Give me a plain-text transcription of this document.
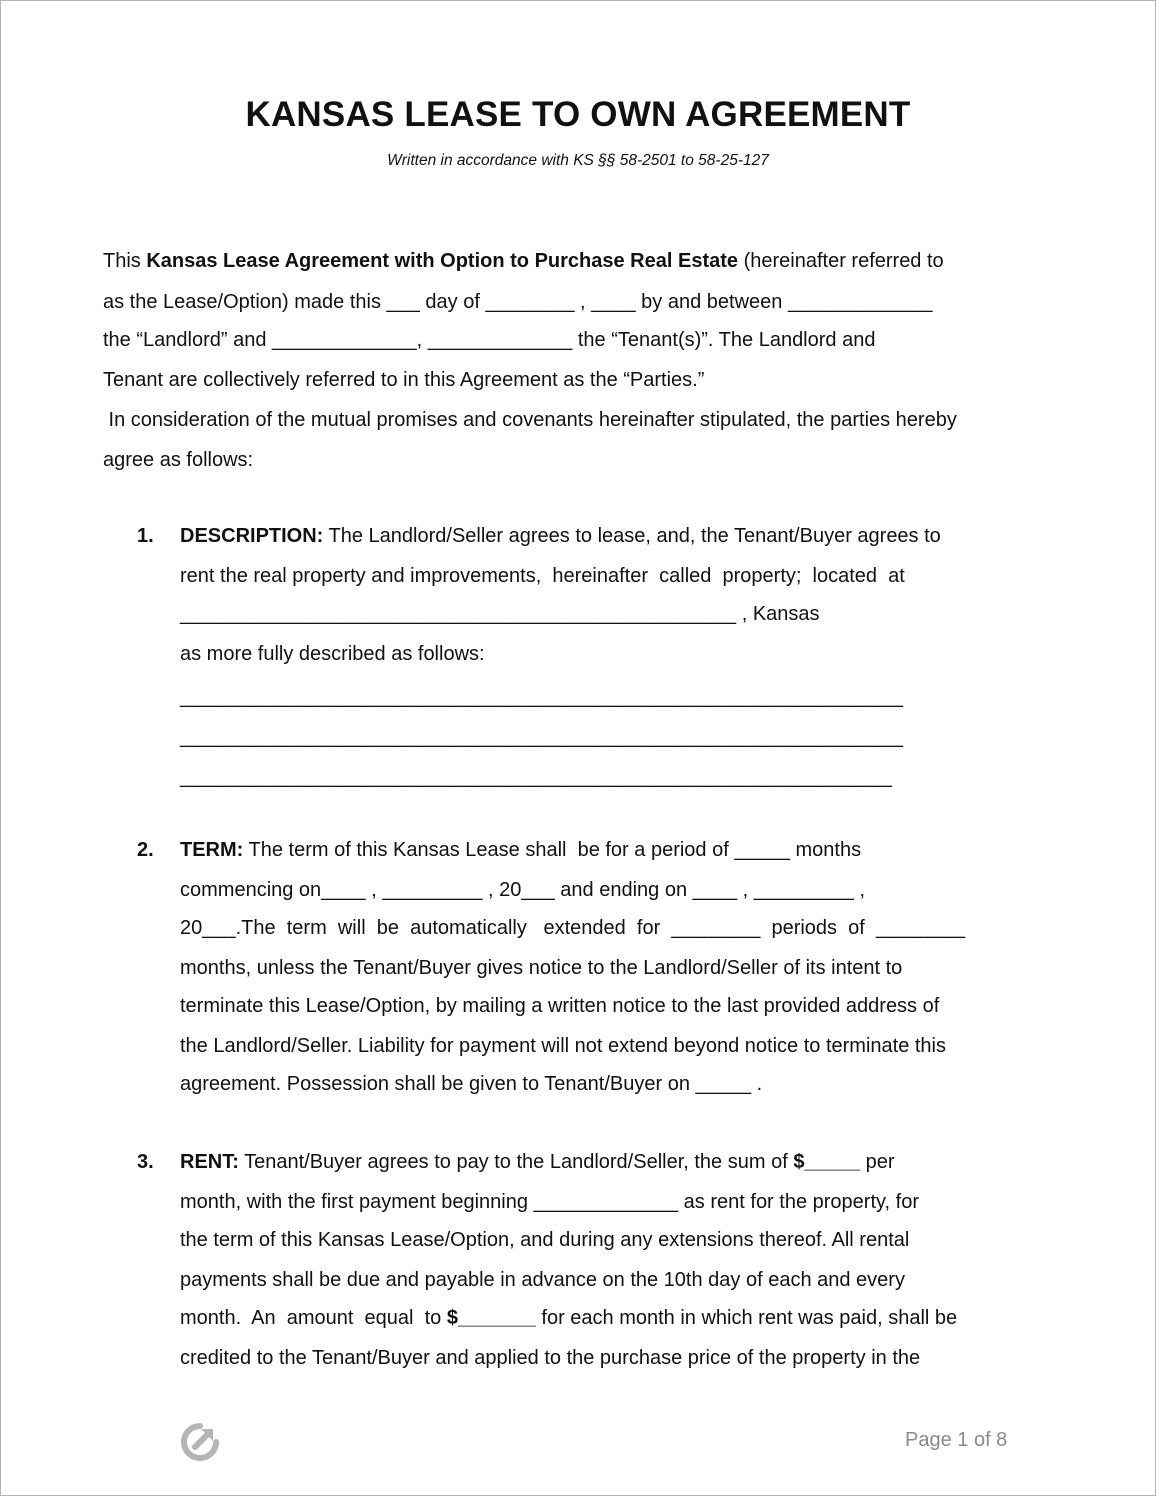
KANSAS LEASE TO OWN AGREEMENT
Written in accordance with KS §§ 58-2501 to 58-25-127
This Kansas Lease Agreement with Option to Purchase Real Estate (hereinafter referred to
as the Lease/Option) made this ___ day of ________ , ____ by and between _____________
the “Landlord” and _____________, _____________ the “Tenant(s)”. The Landlord and
Tenant are collectively referred to in this Agreement as the “Parties.”
In consideration of the mutual promises and covenants hereinafter stipulated, the parties hereby
agree as follows:
1. DESCRIPTION: The Landlord/Seller agrees to lease, and, the Tenant/Buyer agrees to
rent the real property and improvements,  hereinafter  called  property;  located  at
__________________________________________________ , Kansas
as more fully described as follows:
_________________________________________________________________
_________________________________________________________________
________________________________________________________________
2. TERM: The term of this Kansas Lease shall  be for a period of _____ months
commencing on____ , _________ , 20___ and ending on ____ , _________ ,
20___.The  term  will  be  automatically   extended  for  ________  periods  of  ________
months, unless the Tenant/Buyer gives notice to the Landlord/Seller of its intent to
terminate this Lease/Option, by mailing a written notice to the last provided address of
the Landlord/Seller. Liability for payment will not extend beyond notice to terminate this
agreement. Possession shall be given to Tenant/Buyer on _____ .
3. RENT: Tenant/Buyer agrees to pay to the Landlord/Seller, the sum of $_____ per
month, with the first payment beginning _____________ as rent for the property, for
the term of this Kansas Lease/Option, and during any extensions thereof. All rental
payments shall be due and payable in advance on the 10th day of each and every
month.  An  amount  equal  to $_______ for each month in which rent was paid, shall be
credited to the Tenant/Buyer and applied to the purchase price of the property in the
Page 1 of 8
